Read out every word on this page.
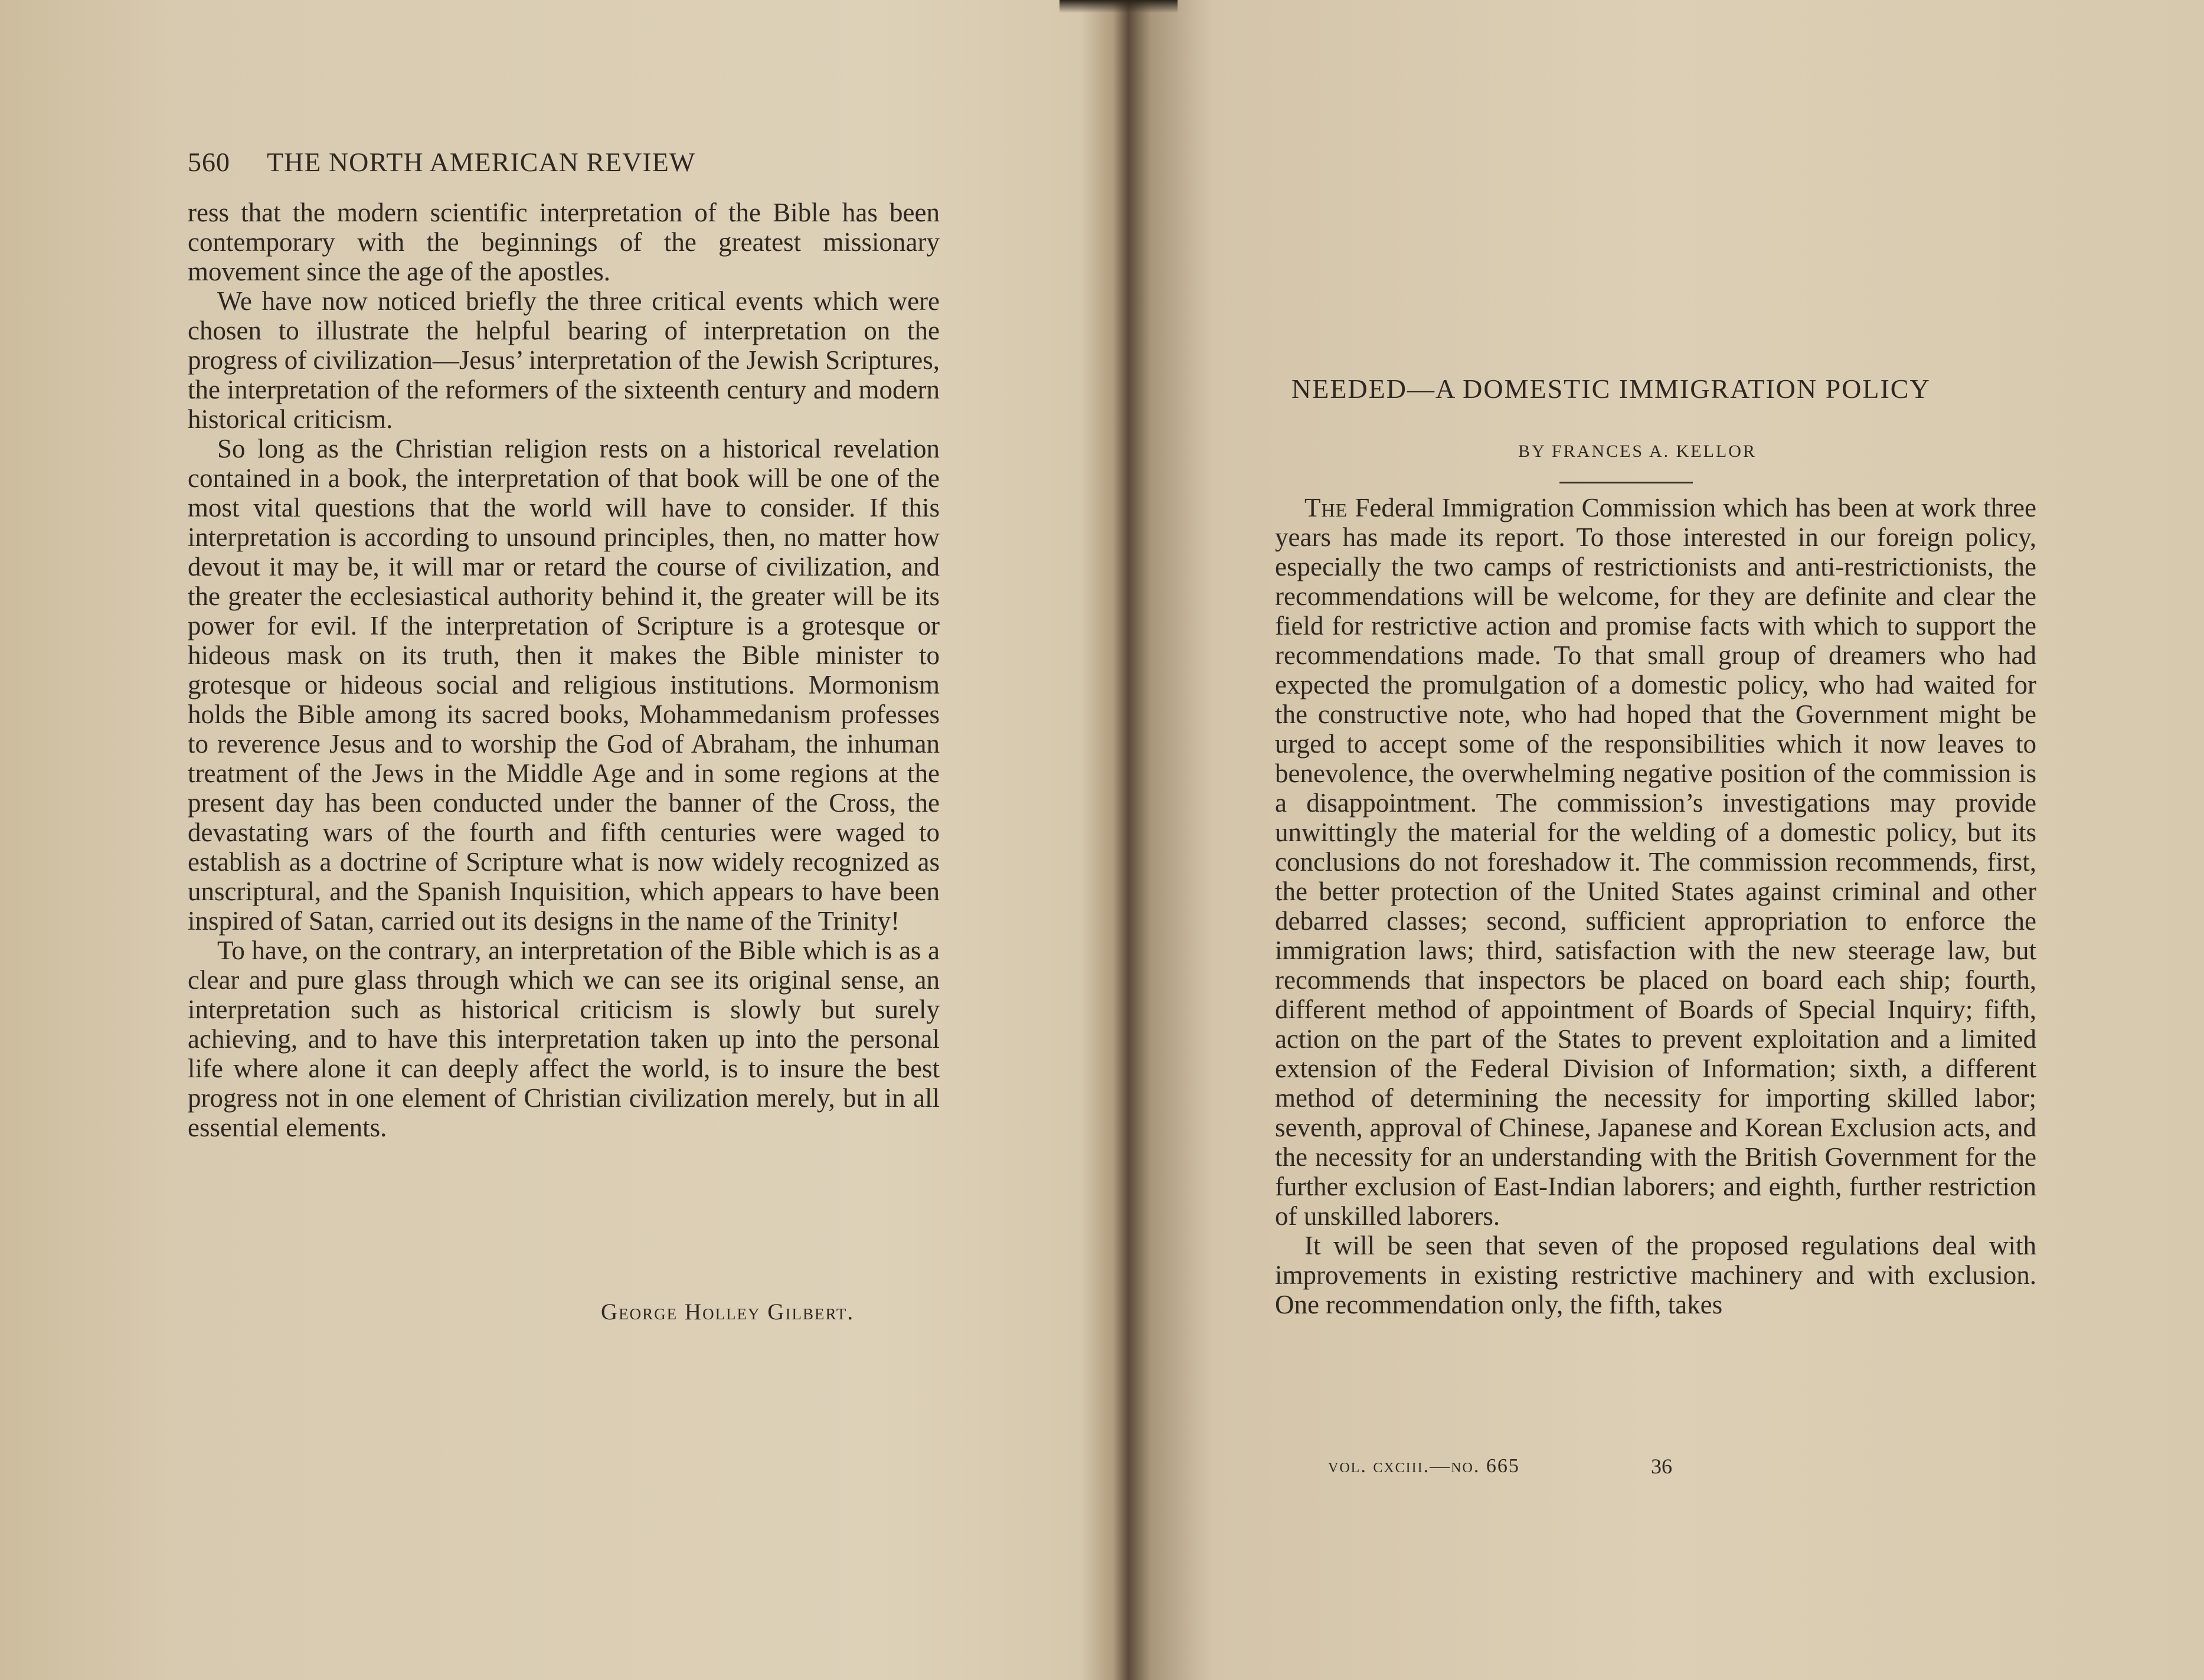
560 THE NORTH AMERICAN REVIEW

ress that the modern scientific interpretation of the Bible has been contemporary with the beginnings of the greatest missionary movement since the age of the apostles.

We have now noticed briefly the three critical events which were chosen to illustrate the helpful bearing of interpretation on the progress of civilization—Jesus’ interpretation of the Jewish Scriptures, the interpretation of the reformers of the sixteenth century and modern historical criticism.

So long as the Christian religion rests on a historical revelation contained in a book, the interpretation of that book will be one of the most vital questions that the world will have to consider. If this interpretation is according to unsound principles, then, no matter how devout it may be, it will mar or retard the course of civilization, and the greater the ecclesiastical authority behind it, the greater will be its power for evil. If the interpretation of Scripture is a grotesque or hideous mask on its truth, then it makes the Bible minister to grotesque or hideous social and religious institutions. Mormonism holds the Bible among its sacred books, Mohammedanism professes to reverence Jesus and to worship the God of Abraham, the inhuman treatment of the Jews in the Middle Age and in some regions at the present day has been conducted under the banner of the Cross, the devastating wars of the fourth and fifth centuries were waged to establish as a doctrine of Scripture what is now widely recognized as unscriptural, and the Spanish Inquisition, which appears to have been inspired of Satan, carried out its designs in the name of the Trinity!

To have, on the contrary, an interpretation of the Bible which is as a clear and pure glass through which we can see its original sense, an interpretation such as historical criticism is slowly but surely achieving, and to have this interpretation taken up into the personal life where alone it can deeply affect the world, is to insure the best progress not in one element of Christian civilization merely, but in all essential elements.

George Holley Gilbert.
NEEDED—A DOMESTIC IMMIGRATION POLICY
BY FRANCES A. KELLOR

The Federal Immigration Commission which has been at work three years has made its report. To those interested in our foreign policy, especially the two camps of restrictionists and anti-restrictionists, the recommendations will be welcome, for they are definite and clear the field for restrictive action and promise facts with which to support the recommendations made. To that small group of dreamers who had expected the promulgation of a domestic policy, who had waited for the constructive note, who had hoped that the Government might be urged to accept some of the responsibilities which it now leaves to benevolence, the overwhelming negative position of the commission is a disappointment. The commission’s investigations may provide unwittingly the material for the welding of a domestic policy, but its conclusions do not foreshadow it. The commission recommends, first, the better protection of the United States against criminal and other debarred classes; second, sufficient appropriation to enforce the immigration laws; third, satisfaction with the new steerage law, but recommends that inspectors be placed on board each ship; fourth, different method of appointment of Boards of Special Inquiry; fifth, action on the part of the States to prevent exploitation and a limited extension of the Federal Division of Information; sixth, a different method of determining the necessity for importing skilled labor; seventh, approval of Chinese, Japanese and Korean Exclusion acts, and the necessity for an understanding with the British Government for the further exclusion of East-Indian laborers; and eighth, further restriction of unskilled laborers.

It will be seen that seven of the proposed regulations deal with improvements in existing restrictive machinery and with exclusion. One recommendation only, the fifth, takes

vol. cxciii.—no. 665	36
